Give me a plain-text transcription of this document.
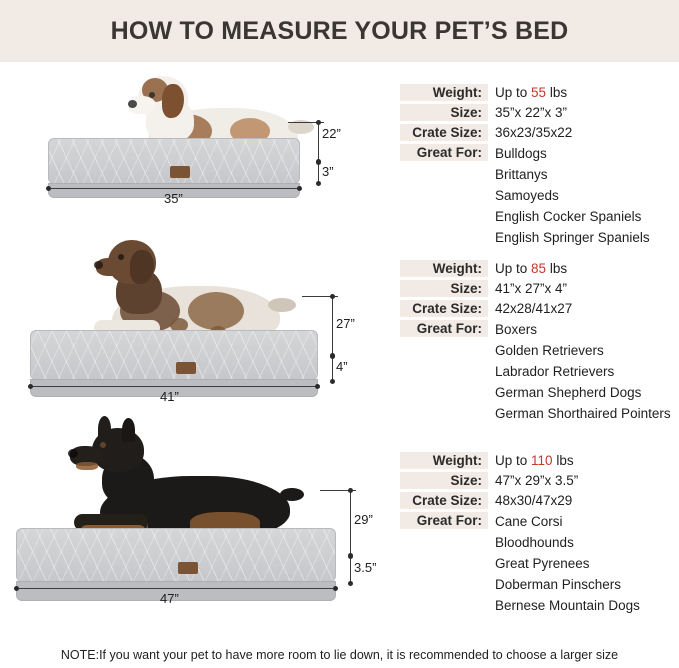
HOW TO MEASURE YOUR PET’S BED
35”
22”
3”
Weight: Up to 55 lbs
Size: 35”x 22”x 3”
Crate Size: 36x23/35x22
Great For: Bulldogs
Brittanys
Samoyeds
English Cocker Spaniels
English Springer Spaniels
41”
27”
4”
Weight: Up to 85 lbs
Size: 41”x 27”x 4”
Crate Size: 42x28/41x27
Great For: Boxers
Golden Retrievers
Labrador Retrievers
German Shepherd Dogs
German Shorthaired Pointers
47”
29”
3.5”
Weight: Up to 110 lbs
Size: 47”x 29”x 3.5”
Crate Size: 48x30/47x29
Great For: Cane Corsi
Bloodhounds
Great Pyrenees
Doberman Pinschers
Bernese Mountain Dogs
NOTE:If you want your pet to have more room to lie down, it is recommended to choose a larger size
